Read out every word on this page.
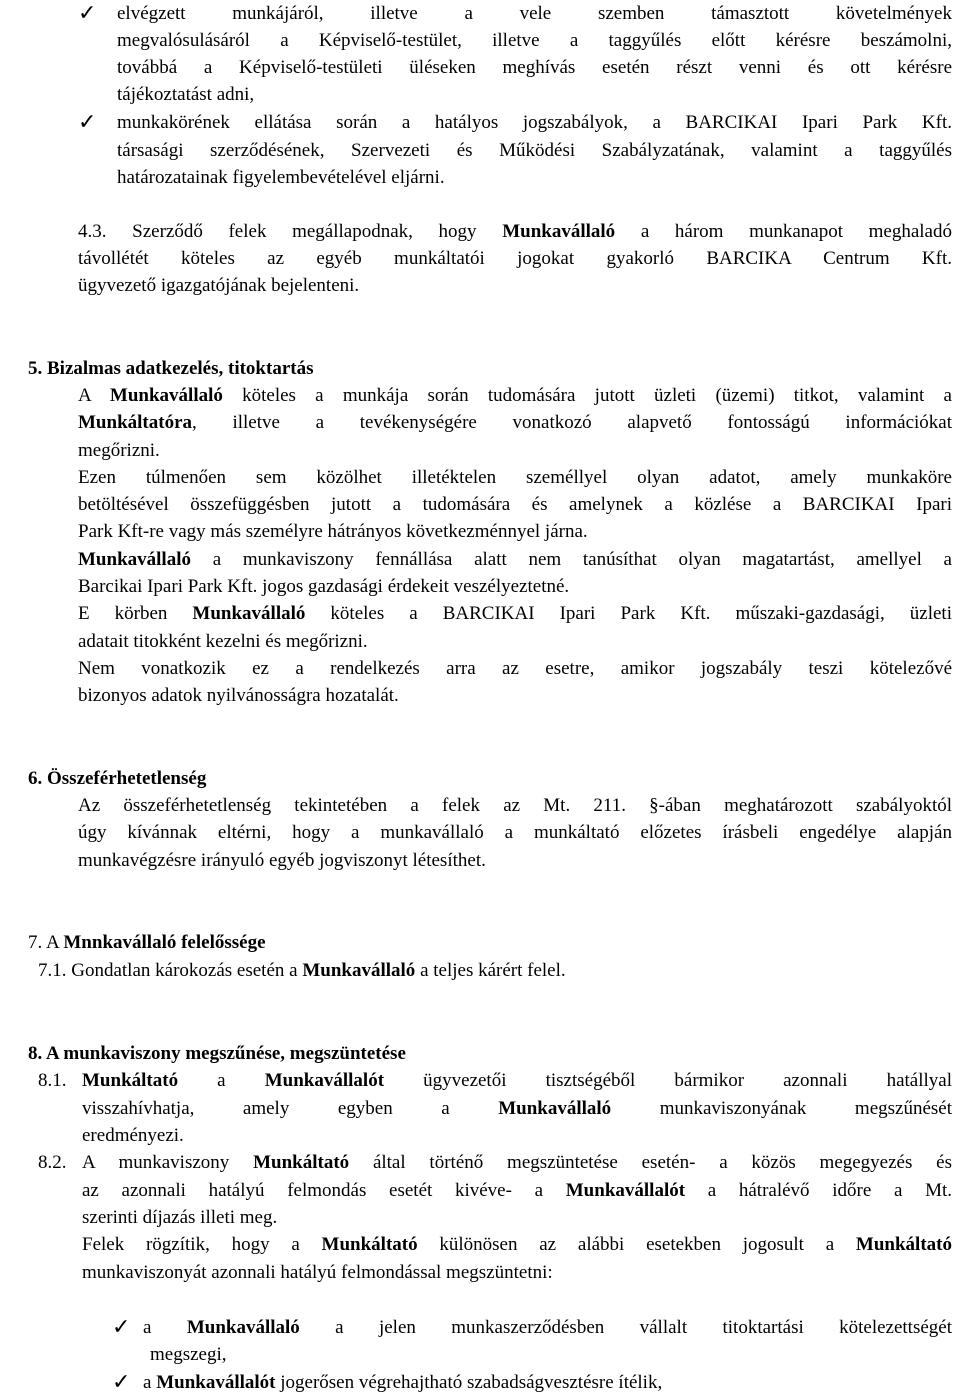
✓ elvégzett munkájáról, illetve a vele szemben támasztott követelmények
megvalósulásáról a Képviselő-testület, illetve a taggyűlés előtt kérésre beszámolni,
továbbá a Képviselő-testületi üléseken meghívás esetén részt venni és ott kérésre
tájékoztatást adni,
✓ munkakörének ellátása során a hatályos jogszabályok, a BARCIKAI Ipari Park Kft.
társasági szerződésének, Szervezeti és Működési Szabályzatának, valamint a taggyűlés
határozatainak figyelembevételével eljárni.
4.3. Szerződő felek megállapodnak, hogy Munkavállaló a három munkanapot meghaladó
távollétét köteles az egyéb munkáltatói jogokat gyakorló BARCIKA Centrum Kft.
ügyvezető igazgatójának bejelenteni.
5. Bizalmas adatkezelés, titoktartás
A Munkavállaló köteles a munkája során tudomására jutott üzleti (üzemi) titkot, valamint a
Munkáltatóra, illetve a tevékenységére vonatkozó alapvető fontosságú információkat
megőrizni.
Ezen túlmenően sem közölhet illetéktelen személlyel olyan adatot, amely munkaköre
betöltésével összefüggésben jutott a tudomására és amelynek a közlése a BARCIKAI Ipari
Park Kft-re vagy más személyre hátrányos következménnyel járna.
Munkavállaló a munkaviszony fennállása alatt nem tanúsíthat olyan magatartást, amellyel a
Barcikai Ipari Park Kft. jogos gazdasági érdekeit veszélyeztetné.
E körben Munkavállaló köteles a BARCIKAI Ipari Park Kft. műszaki-gazdasági, üzleti
adatait titokként kezelni és megőrizni.
Nem vonatkozik ez a rendelkezés arra az esetre, amikor jogszabály teszi kötelezővé
bizonyos adatok nyilvánosságra hozatalát.
6. Összeférhetetlenség
Az összeférhetetlenség tekintetében a felek az Mt. 211. §-ában meghatározott szabályoktól
úgy kívánnak eltérni, hogy a munkavállaló a munkáltató előzetes írásbeli engedélye alapján
munkavégzésre irányuló egyéb jogviszonyt létesíthet.
7. A Mnnkavállaló felelőssége
7.1. Gondatlan károkozás esetén a Munkavállaló a teljes kárért felel.
8. A munkaviszony megszűnése, megszüntetése
8.1. Munkáltató a Munkavállalót ügyvezetői tisztségéből bármikor azonnali hatállyal
visszahívhatja, amely egyben a Munkavállaló munkaviszonyának megszűnését
eredményezi.
8.2. A munkaviszony Munkáltató által történő megszüntetése esetén- a közös megegyezés és
az azonnali hatályú felmondás esetét kivéve- a Munkavállalót a hátralévő időre a Mt.
szerinti díjazás illeti meg.
Felek rögzítik, hogy a Munkáltató különösen az alábbi esetekben jogosult a Munkáltató
munkaviszonyát azonnali hatályú felmondással megszüntetni:
✓ a Munkavállaló a jelen munkaszerződésben vállalt titoktartási kötelezettségét
megszegi,
✓ a Munkavállalót jogerősen végrehajtható szabadságvesztésre ítélik,
